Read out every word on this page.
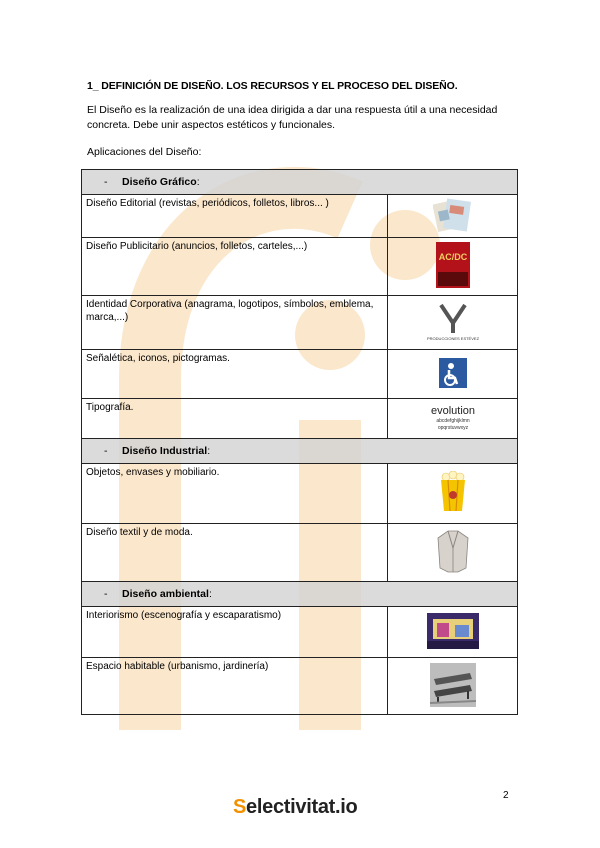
1_ DEFINICIÓN DE DISEÑO. LOS RECURSOS Y EL PROCESO DEL DISEÑO.
El Diseño es la realización de una idea dirigida a dar una respuesta útil a una necesidad concreta. Debe unir aspectos estéticos y funcionales.
Aplicaciones del Diseño:
- Diseño Gráfico:	

Diseño Editorial (revistas, periódicos, folletos, libros... )	
Diseño Publicitario (anuncios, folletos, carteles,...)	AC/DC

Identidad Corporativa (anagrama, logotipos, símbolos, emblema, marca,...)	PRODUCCIONES ESTÉVEZ

Señalética, iconos, pictogramas.	
Tipografía.	evolution
abcdefghijklmn
opqrstuvwxyz

- Diseño Industrial:	

Objetos, envases y mobiliario.	
Diseño textil y de moda.	

- Diseño ambiental:	

Interiorismo (escenografía y escaparatismo)	
Espacio habitable (urbanismo, jardinería)	
2
Selectivitat.io
